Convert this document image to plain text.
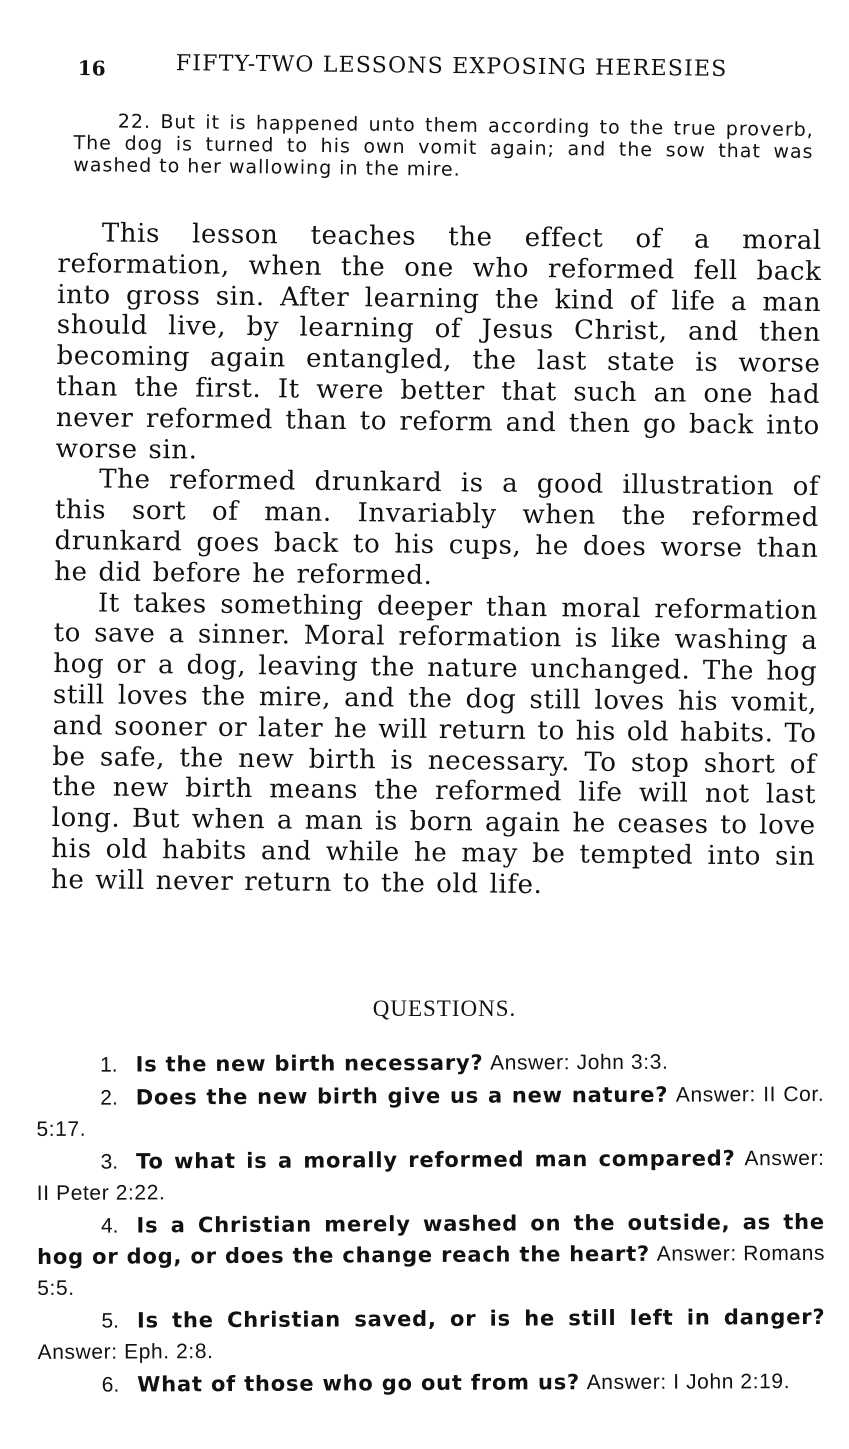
16	FIFTY-TWO LESSONS EXPOSING HERESIES

22. But it is happened unto them according to the true proverb, The dog is turned to his own vomit again; and the sow that was washed to her wallowing in the mire.

This lesson teaches the effect of a moral reformation, when the one who reformed fell back into gross sin. After learning the kind of life a man should live, by learning of Jesus Christ, and then becoming again entangled, the last state is worse than the first. It were better that such an one had never reformed than to reform and then go back into worse sin.

The reformed drunkard is a good illustration of this sort of man. Invariably when the reformed drunkard goes back to his cups, he does worse than he did before he reformed.

It takes something deeper than moral reformation to save a sinner. Moral reformation is like washing a hog or a dog, leaving the nature unchanged. The hog still loves the mire, and the dog still loves his vomit, and sooner or later he will return to his old habits. To be safe, the new birth is necessary. To stop short of the new birth means the reformed life will not last long. But when a man is born again he ceases to love his old habits and while he may be tempted into sin he will never return to the old life.

QUESTIONS.

1. Is the new birth necessary? Answer: John 3:3.

2. Does the new birth give us a new nature? Answer: II Cor. 5:17.

3. To what is a morally reformed man compared? Answer: II Peter 2:22.

4. Is a Christian merely washed on the outside, as the hog or dog, or does the change reach the heart? Answer: Romans 5:5.

5. Is the Christian saved, or is he still left in danger? Answer: Eph. 2:8.

6. What of those who go out from us? Answer: I John 2:19.
